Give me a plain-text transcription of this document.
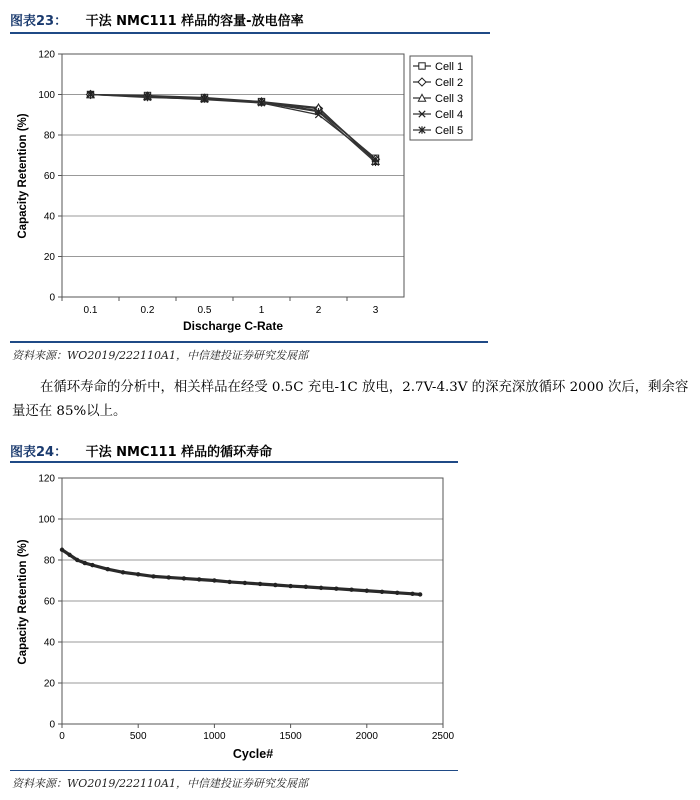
图表23： 干法 NMC111 样品的容量-放电倍率
0
20
40
60
80
100
120
0.1	0.2	0.5	1	2	3
Discharge C-Rate
Capacity Retention (%)
Cell 1
Cell 2
Cell 3
Cell 4
Cell 5
资料来源：WO2019/222110A1，中信建投证券研究发展部
在循环寿命的分析中，相关样品在经受 0.5C 充电-1C 放电，2.7V-4.3V 的深充深放循环 2000 次后，剩余容量还在 85%以上。
图表24： 干法 NMC111 样品的循环寿命
0
20
40
60
80
100
120
0	500	1000	1500	2000	2500
Cycle#
Capacity Retention (%)
资料来源：WO2019/222110A1，中信建投证券研究发展部
